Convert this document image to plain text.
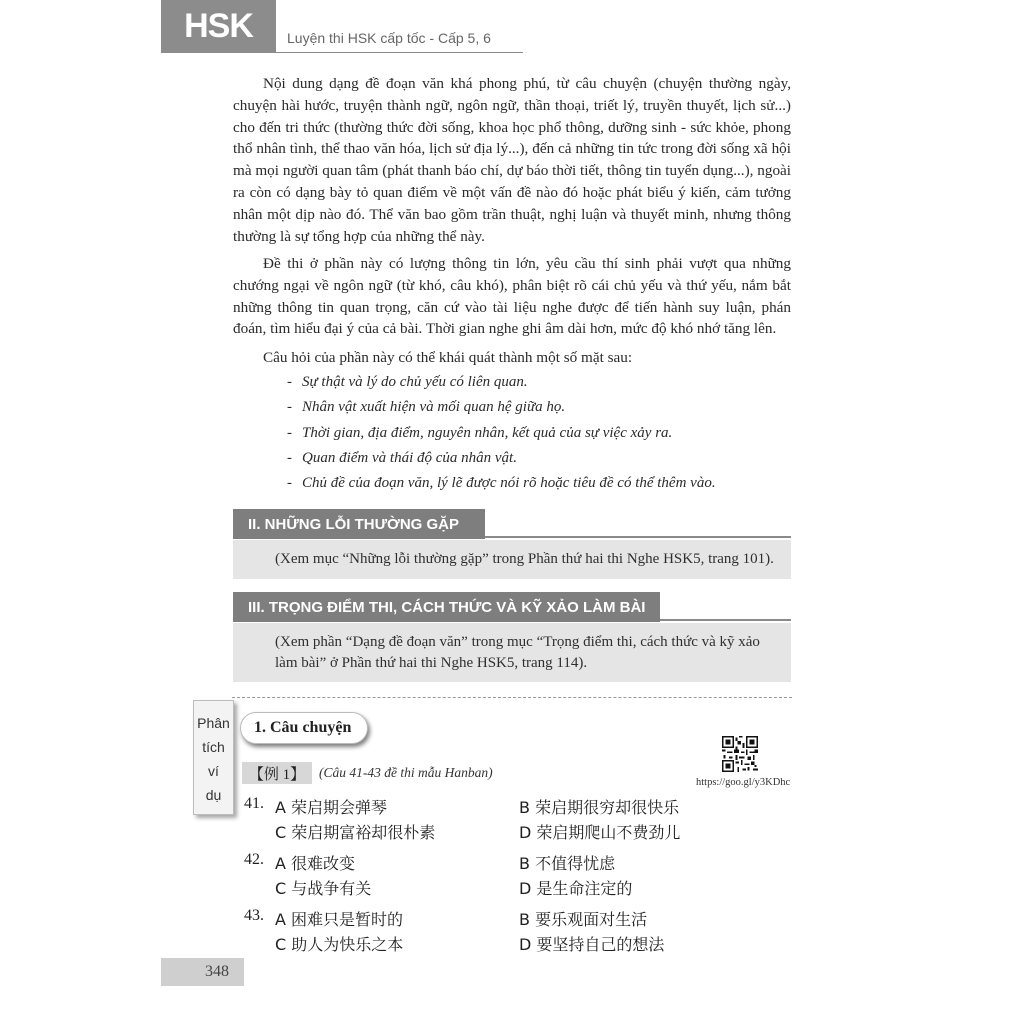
HSK	Luyện thi HSK cấp tốc - Cấp 5, 6

Nội dung dạng đề đoạn văn khá phong phú, từ câu chuyện (chuyện thường ngày, chuyện hài hước, truyện thành ngữ, ngôn ngữ, thần thoại, triết lý, truyền thuyết, lịch sử...) cho đến tri thức (thường thức đời sống, khoa học phổ thông, dưỡng sinh - sức khỏe, phong thổ nhân tình, thể thao văn hóa, lịch sử địa lý...), đến cả những tin tức trong đời sống xã hội mà mọi người quan tâm (phát thanh báo chí, dự báo thời tiết, thông tin tuyển dụng...), ngoài ra còn có dạng bày tỏ quan điểm về một vấn đề nào đó hoặc phát biểu ý kiến, cảm tưởng nhân một dịp nào đó. Thể văn bao gồm trần thuật, nghị luận và thuyết minh, nhưng thông thường là sự tổng hợp của những thể này.

Đề thi ở phần này có lượng thông tin lớn, yêu cầu thí sinh phải vượt qua những chướng ngại về ngôn ngữ (từ khó, câu khó), phân biệt rõ cái chủ yếu và thứ yếu, nắm bắt những thông tin quan trọng, căn cứ vào tài liệu nghe được để tiến hành suy luận, phán đoán, tìm hiểu đại ý của cả bài. Thời gian nghe ghi âm dài hơn, mức độ khó nhớ tăng lên.

Câu hỏi của phần này có thể khái quát thành một số mặt sau:

- Sự thật và lý do chủ yếu có liên quan.
- Nhân vật xuất hiện và mối quan hệ giữa họ.
- Thời gian, địa điểm, nguyên nhân, kết quả của sự việc xảy ra.
- Quan điểm và thái độ của nhân vật.
- Chủ đề của đoạn văn, lý lẽ được nói rõ hoặc tiêu đề có thể thêm vào.
II. NHỮNG LỖI THƯỜNG GẶP
(Xem mục “Những lỗi thường gặp” trong Phần thứ hai thi Nghe HSK5, trang 101).
III. TRỌNG ĐIỂM THI, CÁCH THỨC VÀ KỸ XẢO LÀM BÀI
(Xem phần “Dạng đề đoạn văn” trong mục “Trọng điểm thi, cách thức và kỹ xảo làm bài” ở Phần thứ hai thi Nghe HSK5, trang 114).
Phân
tích
ví
dụ
1. Câu chuyện
https://goo.gl/y3KDhc
【例 1】	(Câu 41-43 đề thi mẫu Hanban)
41. A 荣启期会弹琴	B 荣启期很穷却很快乐
C 荣启期富裕却很朴素	D 荣启期爬山不费劲儿
42. A 很难改变	B 不值得忧虑
C 与战争有关	D 是生命注定的
43. A 困难只是暂时的	B 要乐观面对生活
C 助人为快乐之本	D 要坚持自己的想法
348
